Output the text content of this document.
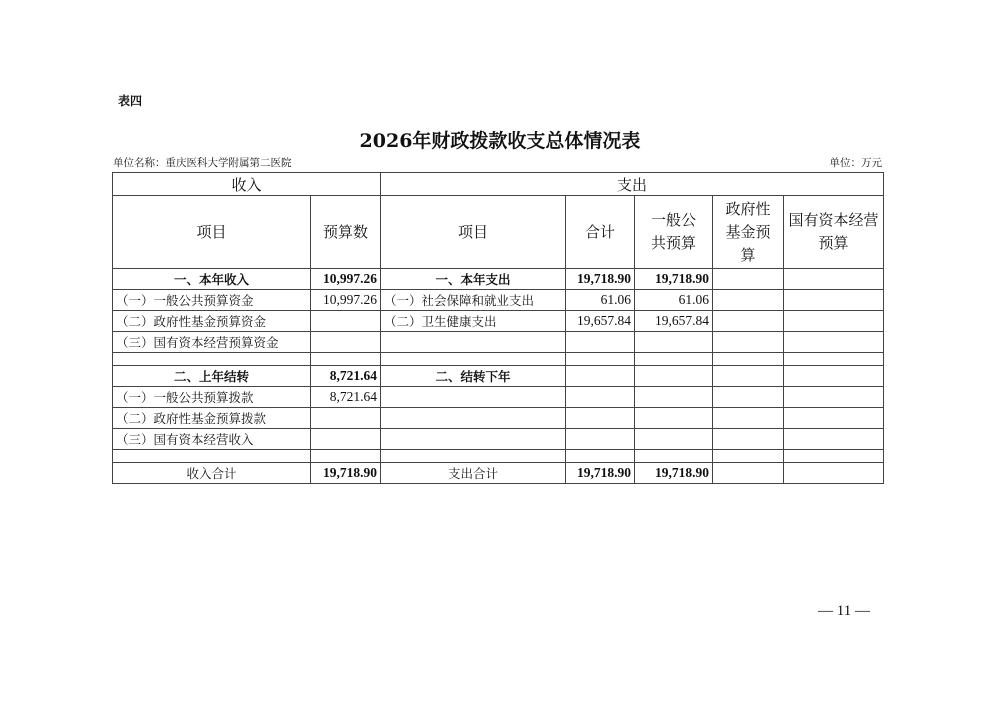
表四
2026年财政拨款收支总体情况表
单位名称：重庆医科大学附属第二医院	单位：万元
收入		支出				
项目	预算数	项目	合计	一般公共预算	政府性基金预算	国有资本经营预算
一、本年收入	10,997.26	一、本年支出	19,718.90	19,718.90		
（一）一般公共预算资金	10,997.26	（一）社会保障和就业支出	61.06	61.06		
（二）政府性基金预算资金		（二）卫生健康支出	19,657.84	19,657.84		
（三）国有资本经营预算资金						

二、上年结转	8,721.64	二、结转下年				
（一）一般公共预算拨款	8,721.64					
（二）政府性基金预算拨款						
（三）国有资本经营收入						

收入合计	19,718.90	支出合计	19,718.90	19,718.90		
— 11 —
